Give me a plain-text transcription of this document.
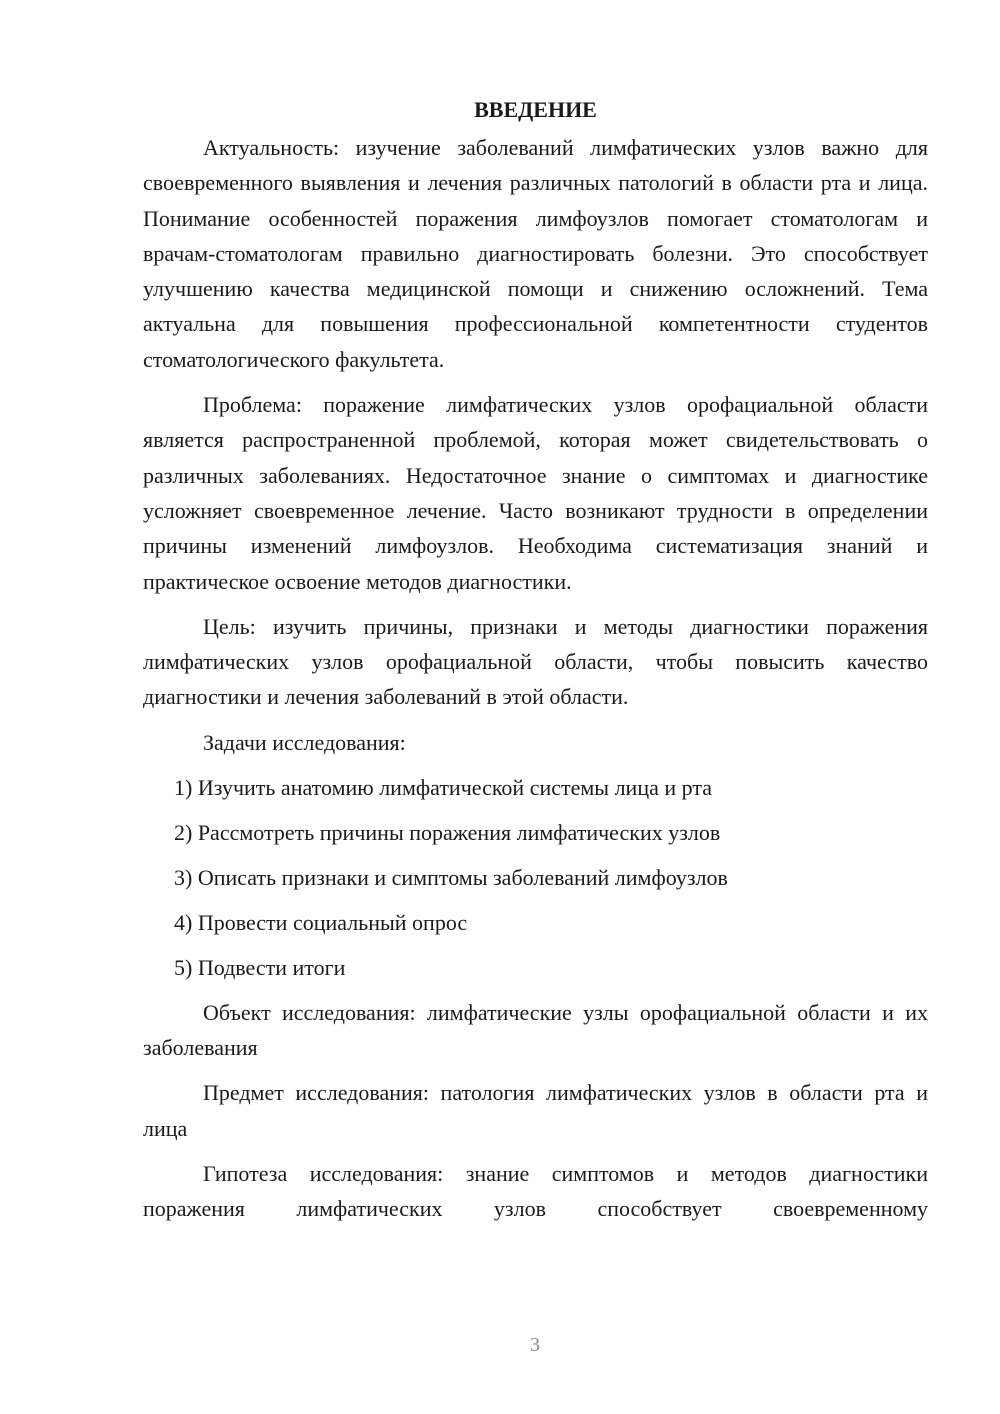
ВВЕДЕНИЕ

Актуальность: изучение заболеваний лимфатических узлов важно для своевременного выявления и лечения различных патологий в области рта и лица. Понимание особенностей поражения лимфоузлов помогает стоматологам и врачам-стоматологам правильно диагностировать болезни. Это способствует улучшению качества медицинской помощи и снижению осложнений. Тема актуальна для повышения профессиональной компетентности студентов стоматологического факультета.

Проблема: поражение лимфатических узлов орофациальной области является распространенной проблемой, которая может свидетельствовать о различных заболеваниях. Недостаточное знание о симптомах и диагностике усложняет своевременное лечение. Часто возникают трудности в определении причины изменений лимфоузлов. Необходима систематизация знаний и практическое освоение методов диагностики.

Цель: изучить причины, признаки и методы диагностики поражения лимфатических узлов орофациальной области, чтобы повысить качество диагностики и лечения заболеваний в этой области.

Задачи исследования:

1) Изучить анатомию лимфатической системы лица и рта
2) Рассмотреть причины поражения лимфатических узлов
3) Описать признаки и симптомы заболеваний лимфоузлов
4) Провести социальный опрос
5) Подвести итоги

Объект исследования: лимфатические узлы орофациальной области и их заболевания

Предмет исследования: патология лимфатических узлов в области рта и лица

Гипотеза исследования: знание симптомов и методов диагностики поражения лимфатических узлов способствует своевременному

3
